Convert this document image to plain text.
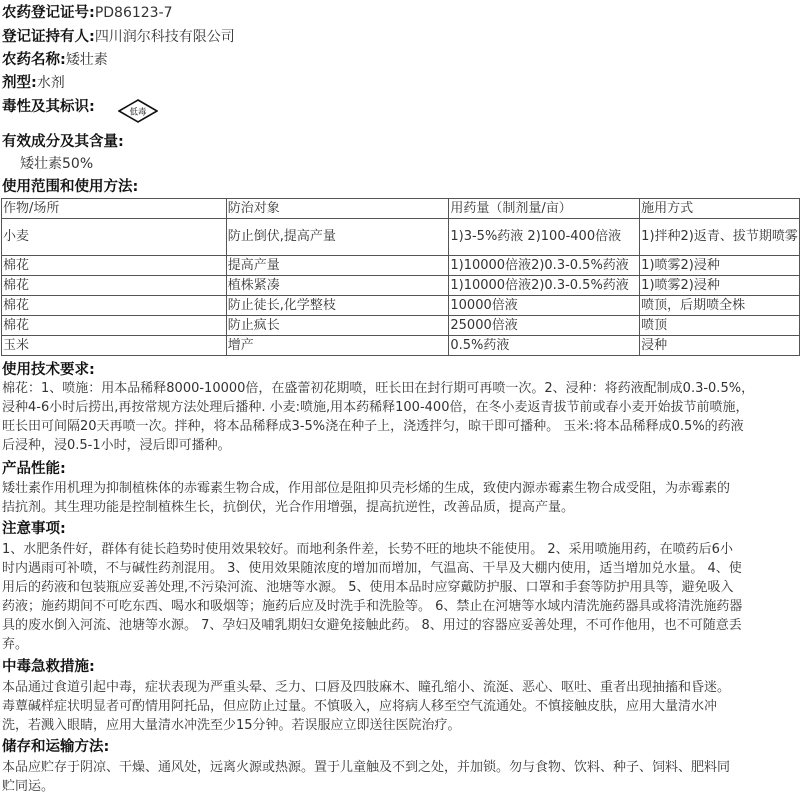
农药登记证号:PD86123-7
登记证持有人:四川润尔科技有限公司
农药名称:矮壮素
剂型:水剂
毒性及其标识:	低毒
有效成分及其含量:
矮壮素50%
使用范围和使用方法:
作物/场所	防治对象	用药量（制剂量/亩）	施用方式
小麦	防止倒伏,提高产量	1)3-5%药液 2)100-400倍液	1)拌种2)返青、拔节期喷雾
棉花	提高产量	1)10000倍液2)0.3-0.5%药液	1)喷雾2)浸种
棉花	植株紧凑	1)10000倍液2)0.3-0.5%药液	1)喷雾2)浸种
棉花	防止徒长,化学整枝	10000倍液	喷顶，后期喷全株
棉花	防止疯长	25000倍液	喷顶
玉米	增产	0.5%药液	浸种
使用技术要求:
棉花：1、喷施：用本品稀释8000-10000倍，在盛蕾初花期喷，旺长田在封行期可再喷一次。2、浸种：将药液配制成0.3-0.5%，
浸种4-6小时后捞出,再按常规方法处理后播种. 小麦:喷施,用本药稀释100-400倍，在冬小麦返青拔节前或春小麦开始拔节前喷施，
旺长田可间隔20天再喷一次。拌种，将本品稀释成3-5%浇在种子上，浇透拌匀，晾干即可播种。 玉米:将本品稀释成0.5%的药液
后浸种，浸0.5-1小时，浸后即可播种。
产品性能:
矮壮素作用机理为抑制植株体的赤霉素生物合成，作用部位是阻抑贝壳杉烯的生成，致使内源赤霉素生物合成受阻，为赤霉素的
拮抗剂。其生理功能是控制植株生长，抗倒伏，光合作用增强，提高抗逆性，改善品质，提高产量。
注意事项:
1、水肥条件好，群体有徒长趋势时使用效果较好。而地利条件差，长势不旺的地块不能使用。 2、采用喷施用药，在喷药后6小
时内遇雨可补喷，不与碱性药剂混用。 3、使用效果随浓度的增加而增加，气温高、干旱及大棚内使用，适当增加兑水量。 4、使
用后的药液和包装瓶应妥善处理,不污染河流、池塘等水源。 5、使用本品时应穿戴防护服、口罩和手套等防护用具等，避免吸入
药液；施药期间不可吃东西、喝水和吸烟等；施药后应及时洗手和洗脸等。 6、禁止在河塘等水域内清洗施药器具或将清洗施药器
具的废水倒入河流、池塘等水源。 7、孕妇及哺乳期妇女避免接触此药。 8、用过的容器应妥善处理，不可作他用，也不可随意丢
弃。
中毒急救措施:
本品通过食道引起中毒，症状表现为严重头晕、乏力、口唇及四肢麻木、瞳孔缩小、流涎、恶心、呕吐、重者出现抽搐和昏迷。
毒蕈碱样症状明显者可酌情用阿托品，但应防止过量。不慎吸入，应将病人移至空气流通处。不慎接触皮肤，应用大量清水冲
洗，若溅入眼睛，应用大量清水冲洗至少15分钟。若误服应立即送往医院治疗。
储存和运输方法:
本品应贮存于阴凉、干燥、通风处，远离火源或热源。置于儿童触及不到之处，并加锁。勿与食物、饮料、种子、饲料、肥料同
贮同运。
